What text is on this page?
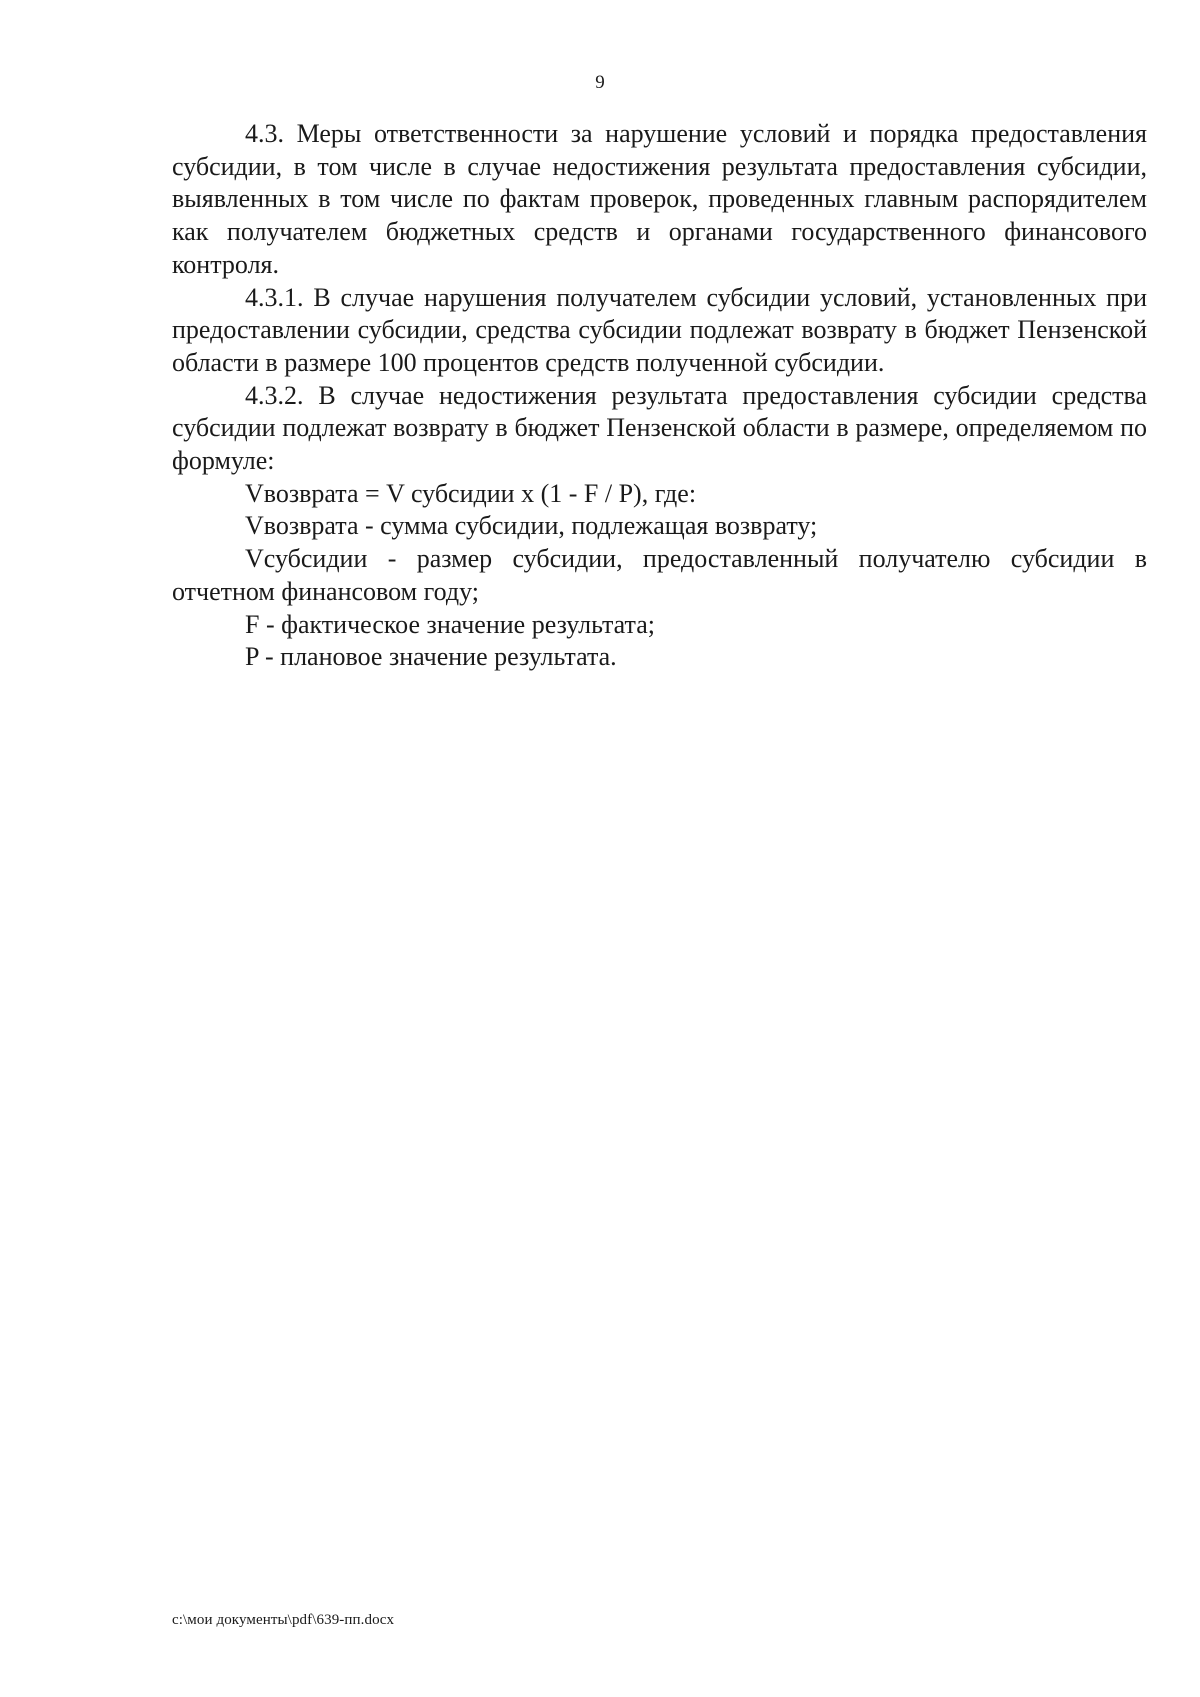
9

4.3. Меры ответственности за нарушение условий и порядка предоставления субсидии, в том числе в случае недостижения результата предоставления субсидии, выявленных в том числе по фактам проверок, проведенных главным распорядителем как получателем бюджетных средств и органами государственного финансового контроля.

4.3.1. В случае нарушения получателем субсидии условий, установленных при предоставлении субсидии, средства субсидии подлежат возврату в бюджет Пензенской области в размере 100 процентов средств полученной субсидии.

4.3.2. В случае недостижения результата предоставления субсидии средства субсидии подлежат возврату в бюджет Пензенской области в размере, определяемом по формуле:

Vвозврата = V субсидии x (1 - F / P), где:

Vвозврата - сумма субсидии, подлежащая возврату;

Vсубсидии - размер субсидии, предоставленный получателю субсидии в отчетном финансовом году;

F - фактическое значение результата;

P - плановое значение результата.

c:\мои документы\pdf\639-пп.docx
